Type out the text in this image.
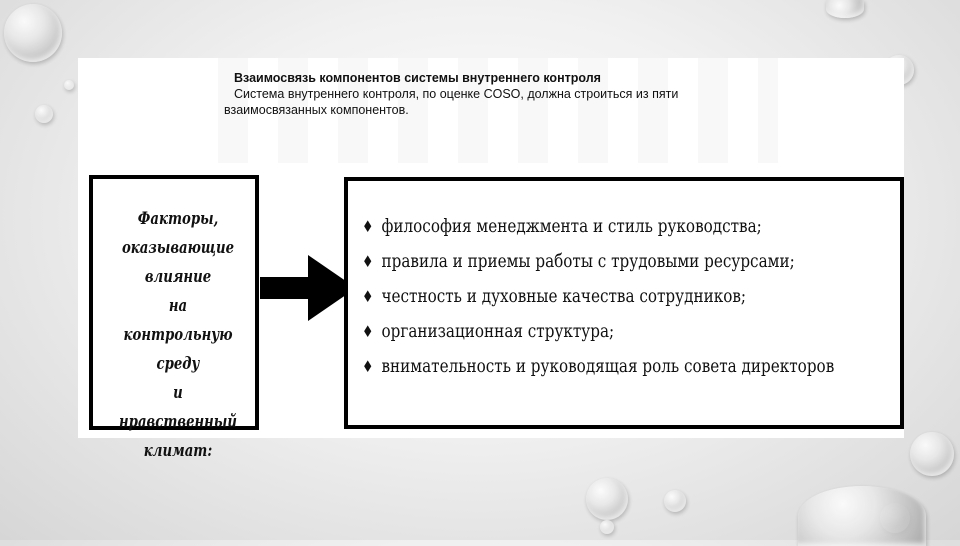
Взаимосвязь компонентов системы внутреннего контроля
Система внутреннего контроля, по оценке COSO, должна строиться из пяти взаимосвязанных компонентов.
Факторы,
оказывающие влияние
на контрольную среду
и нравственный
климат:
♦ философия менеджмента и стиль руководства;
♦ правила и приемы работы с трудовыми ресурсами;
♦ честность и духовные качества сотрудников;
♦ организационная структура;
♦ внимательность и руководящая роль совета директоров
